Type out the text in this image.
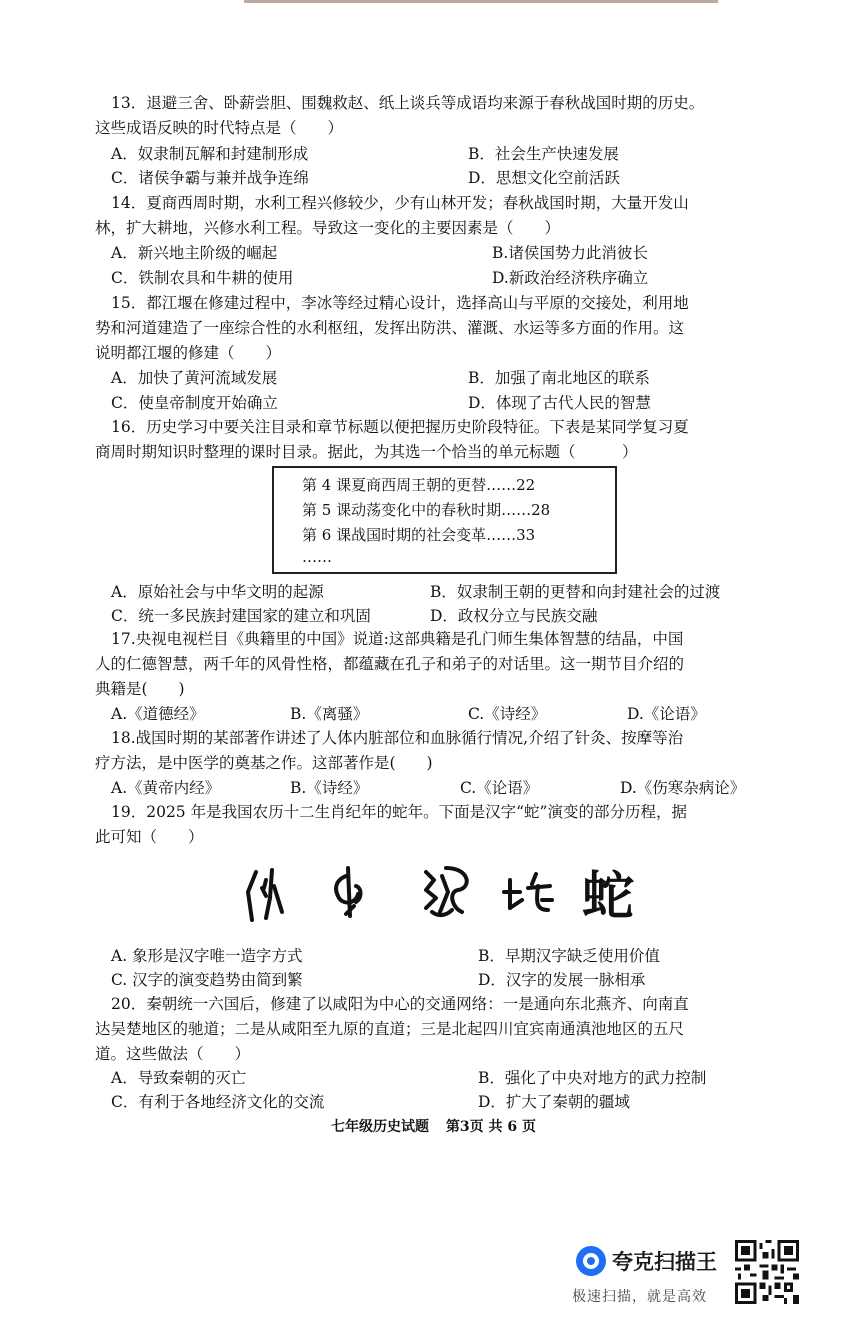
13．退避三舍、卧薪尝胆、围魏救赵、纸上谈兵等成语均来源于春秋战国时期的历史。
这些成语反映的时代特点是（　　）
A．奴隶制瓦解和封建制形成	B．社会生产快速发展
C．诸侯争霸与兼并战争连绵	D．思想文化空前活跃
14．夏商西周时期，水利工程兴修较少，少有山林开发；春秋战国时期，大量开发山
林，扩大耕地，兴修水利工程。导致这一变化的主要因素是（　　）
A．新兴地主阶级的崛起	B.诸侯国势力此消彼长
C．铁制农具和牛耕的使用	D.新政治经济秩序确立
15．都江堰在修建过程中，李冰等经过精心设计，选择高山与平原的交接处，利用地
势和河道建造了一座综合性的水利枢纽，发挥出防洪、灌溉、水运等多方面的作用。这
说明都江堰的修建（　　）
A．加快了黄河流域发展	B．加强了南北地区的联系
C．使皇帝制度开始确立	D．体现了古代人民的智慧
16．历史学习中要关注目录和章节标题以便把握历史阶段特征。下表是某同学复习夏
商周时期知识时整理的课时目录。据此，为其选一个恰当的单元标题（　　　）
第 4 课夏商西周王朝的更替……22
第 5 课动荡变化中的春秋时期……28
第 6 课战国时期的社会变革……33
……
A．原始社会与中华文明的起源	B．奴隶制王朝的更替和向封建社会的过渡
C．统一多民族封建国家的建立和巩固	D．政权分立与民族交融
17.央视电视栏目《典籍里的中国》说道:这部典籍是孔门师生集体智慧的结晶，中国
人的仁德智慧，两千年的风骨性格，都蕴藏在孔子和弟子的对话里。这一期节目介绍的
典籍是(　　)
A.《道德经》	B.《离骚》	C.《诗经》	D.《论语》
18.战国时期的某部著作讲述了人体内脏部位和血脉循行情况,介绍了针灸、按摩等治
疗方法，是中医学的奠基之作。这部著作是(　　)
A.《黄帝内经》	B.《诗经》	C.《论语》	D.《伤寒杂病论》
19．2025 年是我国农历十二生肖纪年的蛇年。下面是汉字“蛇”演变的部分历程，据
此可知（　　）
蛇
A. 象形是汉字唯一造字方式	B．早期汉字缺乏使用价值
C. 汉字的演变趋势由简到繁	D．汉字的发展一脉相承
20．秦朝统一六国后，修建了以咸阳为中心的交通网络：一是通向东北燕齐、向南直
达吴楚地区的驰道；二是从咸阳至九原的直道；三是北起四川宜宾南通滇池地区的五尺
道。这些做法（　　）
A．导致秦朝的灭亡	B．强化了中央对地方的武力控制
C．有利于各地经济文化的交流	D．扩大了秦朝的疆域
七年级历史试题 第3页 共 6 页
夸克扫描王
极速扫描，就是高效
